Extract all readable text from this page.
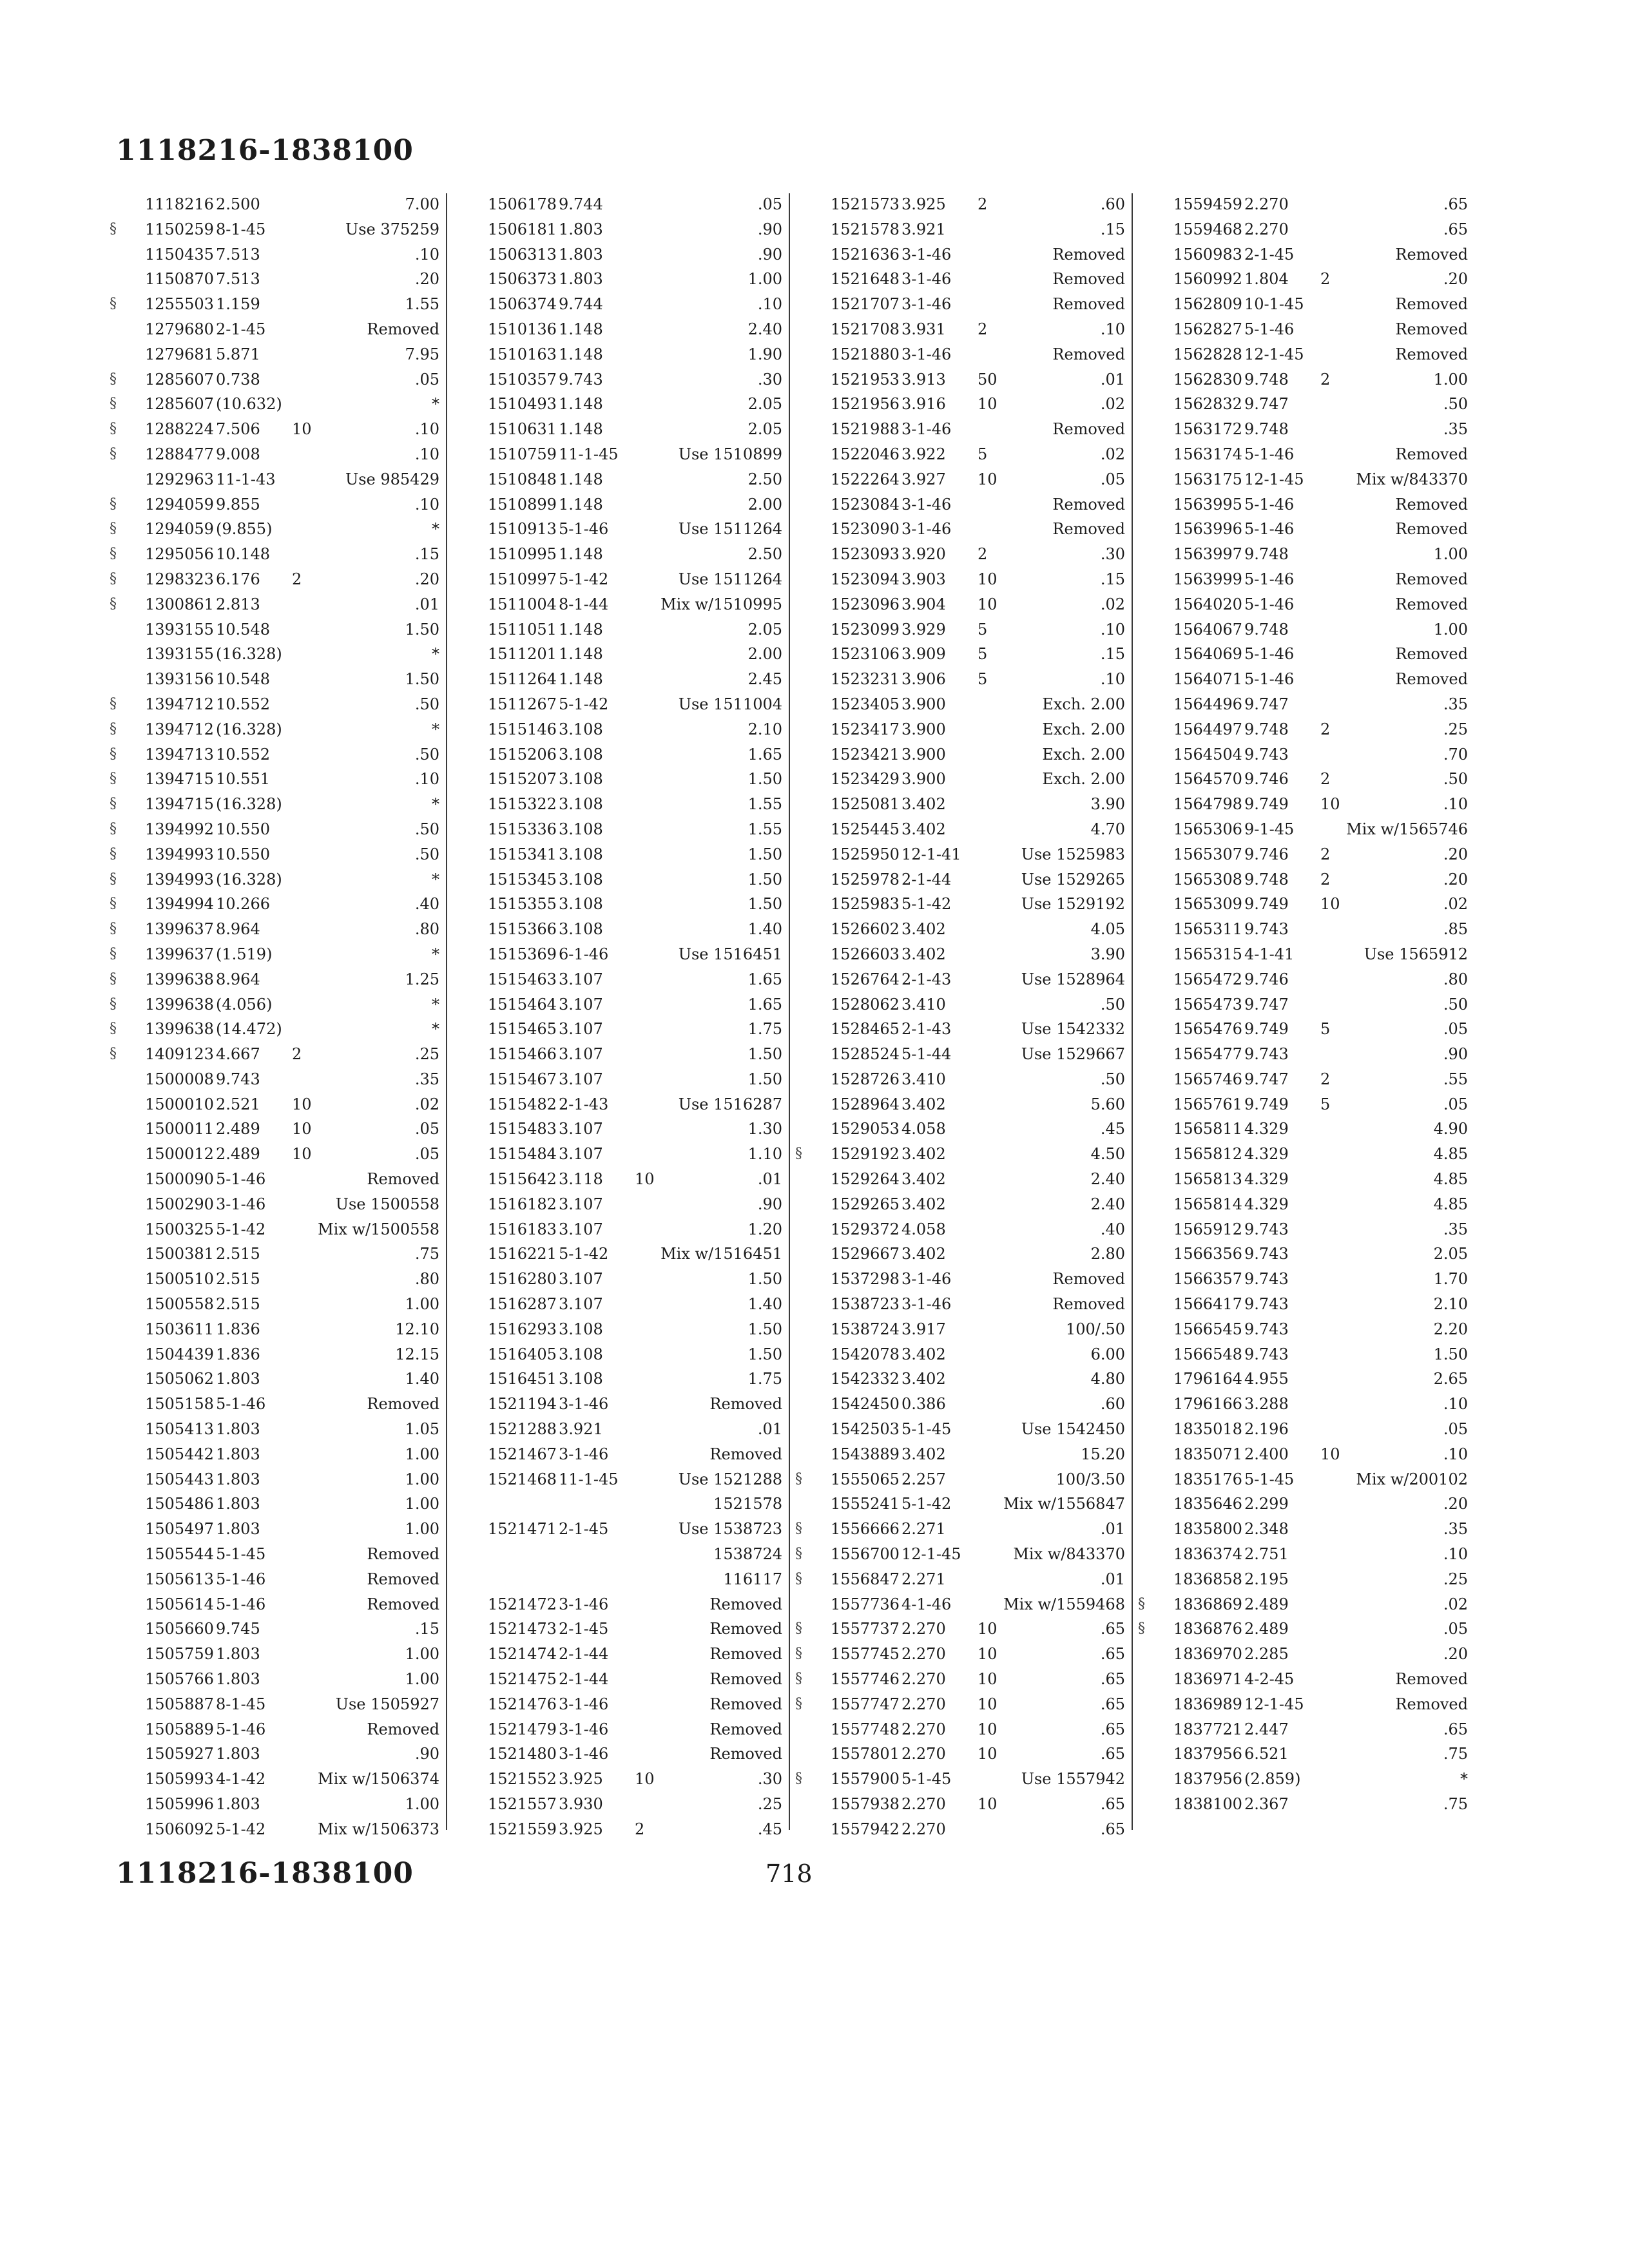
1118216-1838100
1118216 2.500	7.00
§ 1150259 8-1-45	Use 375259
1150435 7.513	.10
1150870 7.513	.20
§ 1255503 1.159	1.55
1279680 2-1-45	Removed
1279681 5.871	7.95
§ 1285607 0.738	.05
§ 1285607 (10.632)	*
§ 1288224 7.506 10	.10
§ 1288477 9.008	.10
1292963 11-1-43	Use 985429
§ 1294059 9.855	.10
§ 1294059 (9.855)	*
§ 1295056 10.148	.15
§ 1298323 6.176 2	.20
§ 1300861 2.813	.01
1393155 10.548	1.50
1393155 (16.328)	*
1393156 10.548	1.50
§ 1394712 10.552	.50
§ 1394712 (16.328)	*
§ 1394713 10.552	.50
§ 1394715 10.551	.10
§ 1394715 (16.328)	*
§ 1394992 10.550	.50
§ 1394993 10.550	.50
§ 1394993 (16.328)	*
§ 1394994 10.266	.40
§ 1399637 8.964	.80
§ 1399637 (1.519)	*
§ 1399638 8.964	1.25
§ 1399638 (4.056)	*
§ 1399638 (14.472)	*
§ 1409123 4.667 2	.25
1500008 9.743	.35
1500010 2.521 10	.02
1500011 2.489 10	.05
1500012 2.489 10	.05
1500090 5-1-46	Removed
1500290 3-1-46	Use 1500558
1500325 5-1-42	Mix w/1500558
1500381 2.515	.75
1500510 2.515	.80
1500558 2.515	1.00
1503611 1.836	12.10
1504439 1.836	12.15
1505062 1.803	1.40
1505158 5-1-46	Removed
1505413 1.803	1.05
1505442 1.803	1.00
1505443 1.803	1.00
1505486 1.803	1.00
1505497 1.803	1.00
1505544 5-1-45	Removed
1505613 5-1-46	Removed
1505614 5-1-46	Removed
1505660 9.745	.15
1505759 1.803	1.00
1505766 1.803	1.00
1505887 8-1-45	Use 1505927
1505889 5-1-46	Removed
1505927 1.803	.90
1505993 4-1-42	Mix w/1506374
1505996 1.803	1.00
1506092 5-1-42	Mix w/1506373
1506178 9.744	.05
1506181 1.803	.90
1506313 1.803	.90
1506373 1.803	1.00
1506374 9.744	.10
1510136 1.148	2.40
1510163 1.148	1.90
1510357 9.743	.30
1510493 1.148	2.05
1510631 1.148	2.05
1510759 11-1-45	Use 1510899
1510848 1.148	2.50
1510899 1.148	2.00
1510913 5-1-46	Use 1511264
1510995 1.148	2.50
1510997 5-1-42	Use 1511264
1511004 8-1-44	Mix w/1510995
1511051 1.148	2.05
1511201 1.148	2.00
1511264 1.148	2.45
1511267 5-1-42	Use 1511004
1515146 3.108	2.10
1515206 3.108	1.65
1515207 3.108	1.50
1515322 3.108	1.55
1515336 3.108	1.55
1515341 3.108	1.50
1515345 3.108	1.50
1515355 3.108	1.50
1515366 3.108	1.40
1515369 6-1-46	Use 1516451
1515463 3.107	1.65
1515464 3.107	1.65
1515465 3.107	1.75
1515466 3.107	1.50
1515467 3.107	1.50
1515482 2-1-43	Use 1516287
1515483 3.107	1.30
1515484 3.107	1.10
1515642 3.118 10	.01
1516182 3.107	.90
1516183 3.107	1.20
1516221 5-1-42	Mix w/1516451
1516280 3.107	1.50
1516287 3.107	1.40
1516293 3.108	1.50
1516405 3.108	1.50
1516451 3.108	1.75
1521194 3-1-46	Removed
1521288 3.921	.01
1521467 3-1-46	Removed
1521468 11-1-45	Use 1521288
1521578
1521471 2-1-45	Use 1538723
1538724
116117
1521472 3-1-46	Removed
1521473 2-1-45	Removed
1521474 2-1-44	Removed
1521475 2-1-44	Removed
1521476 3-1-46	Removed
1521479 3-1-46	Removed
1521480 3-1-46	Removed
1521552 3.925 10	.30
1521557 3.930	.25
1521559 3.925 2	.45
1521573 3.925 2	.60
1521578 3.921	.15
1521636 3-1-46	Removed
1521648 3-1-46	Removed
1521707 3-1-46	Removed
1521708 3.931 2	.10
1521880 3-1-46	Removed
1521953 3.913 50	.01
1521956 3.916 10	.02
1521988 3-1-46	Removed
1522046 3.922 5	.02
1522264 3.927 10	.05
1523084 3-1-46	Removed
1523090 3-1-46	Removed
1523093 3.920 2	.30
1523094 3.903 10	.15
1523096 3.904 10	.02
1523099 3.929 5	.10
1523106 3.909 5	.15
1523231 3.906 5	.10
1523405 3.900	Exch. 2.00
1523417 3.900	Exch. 2.00
1523421 3.900	Exch. 2.00
1523429 3.900	Exch. 2.00
1525081 3.402	3.90
1525445 3.402	4.70
1525950 12-1-41	Use 1525983
1525978 2-1-44	Use 1529265
1525983 5-1-42	Use 1529192
1526602 3.402	4.05
1526603 3.402	3.90
1526764 2-1-43	Use 1528964
1528062 3.410	.50
1528465 2-1-43	Use 1542332
1528524 5-1-44	Use 1529667
1528726 3.410	.50
1528964 3.402	5.60
1529053 4.058	.45
§ 1529192 3.402	4.50
1529264 3.402	2.40
1529265 3.402	2.40
1529372 4.058	.40
1529667 3.402	2.80
1537298 3-1-46	Removed
1538723 3-1-46	Removed
1538724 3.917	100/.50
1542078 3.402	6.00
1542332 3.402	4.80
1542450 0.386	.60
1542503 5-1-45	Use 1542450
1543889 3.402	15.20
§ 1555065 2.257	100/3.50
1555241 5-1-42	Mix w/1556847
§ 1556666 2.271	.01
§ 1556700 12-1-45	Mix w/843370
§ 1556847 2.271	.01
1557736 4-1-46	Mix w/1559468
§ 1557737 2.270 10	.65
§ 1557745 2.270 10	.65
§ 1557746 2.270 10	.65
§ 1557747 2.270 10	.65
1557748 2.270 10	.65
1557801 2.270 10	.65
§ 1557900 5-1-45	Use 1557942
1557938 2.270 10	.65
1557942 2.270	.65
1559459 2.270	.65
1559468 2.270	.65
1560983 2-1-45	Removed
1560992 1.804 2	.20
1562809 10-1-45	Removed
1562827 5-1-46	Removed
1562828 12-1-45	Removed
1562830 9.748 2	1.00
1562832 9.747	.50
1563172 9.748	.35
1563174 5-1-46	Removed
1563175 12-1-45	Mix w/843370
1563995 5-1-46	Removed
1563996 5-1-46	Removed
1563997 9.748	1.00
1563999 5-1-46	Removed
1564020 5-1-46	Removed
1564067 9.748	1.00
1564069 5-1-46	Removed
1564071 5-1-46	Removed
1564496 9.747	.35
1564497 9.748 2	.25
1564504 9.743	.70
1564570 9.746 2	.50
1564798 9.749 10	.10
1565306 9-1-45	Mix w/1565746
1565307 9.746 2	.20
1565308 9.748 2	.20
1565309 9.749 10	.02
1565311 9.743	.85
1565315 4-1-41	Use 1565912
1565472 9.746	.80
1565473 9.747	.50
1565476 9.749 5	.05
1565477 9.743	.90
1565746 9.747 2	.55
1565761 9.749 5	.05
1565811 4.329	4.90
1565812 4.329	4.85
1565813 4.329	4.85
1565814 4.329	4.85
1565912 9.743	.35
1566356 9.743	2.05
1566357 9.743	1.70
1566417 9.743	2.10
1566545 9.743	2.20
1566548 9.743	1.50
1796164 4.955	2.65
1796166 3.288	.10
1835018 2.196	.05
1835071 2.400 10	.10
1835176 5-1-45	Mix w/200102
1835646 2.299	.20
1835800 2.348	.35
1836374 2.751	.10
1836858 2.195	.25
§ 1836869 2.489	.02
§ 1836876 2.489	.05
1836970 2.285	.20
1836971 4-2-45	Removed
1836989 12-1-45	Removed
1837721 2.447	.65
1837956 6.521	.75
1837956 (2.859)	*
1838100 2.367	.75
1118216-1838100	718
